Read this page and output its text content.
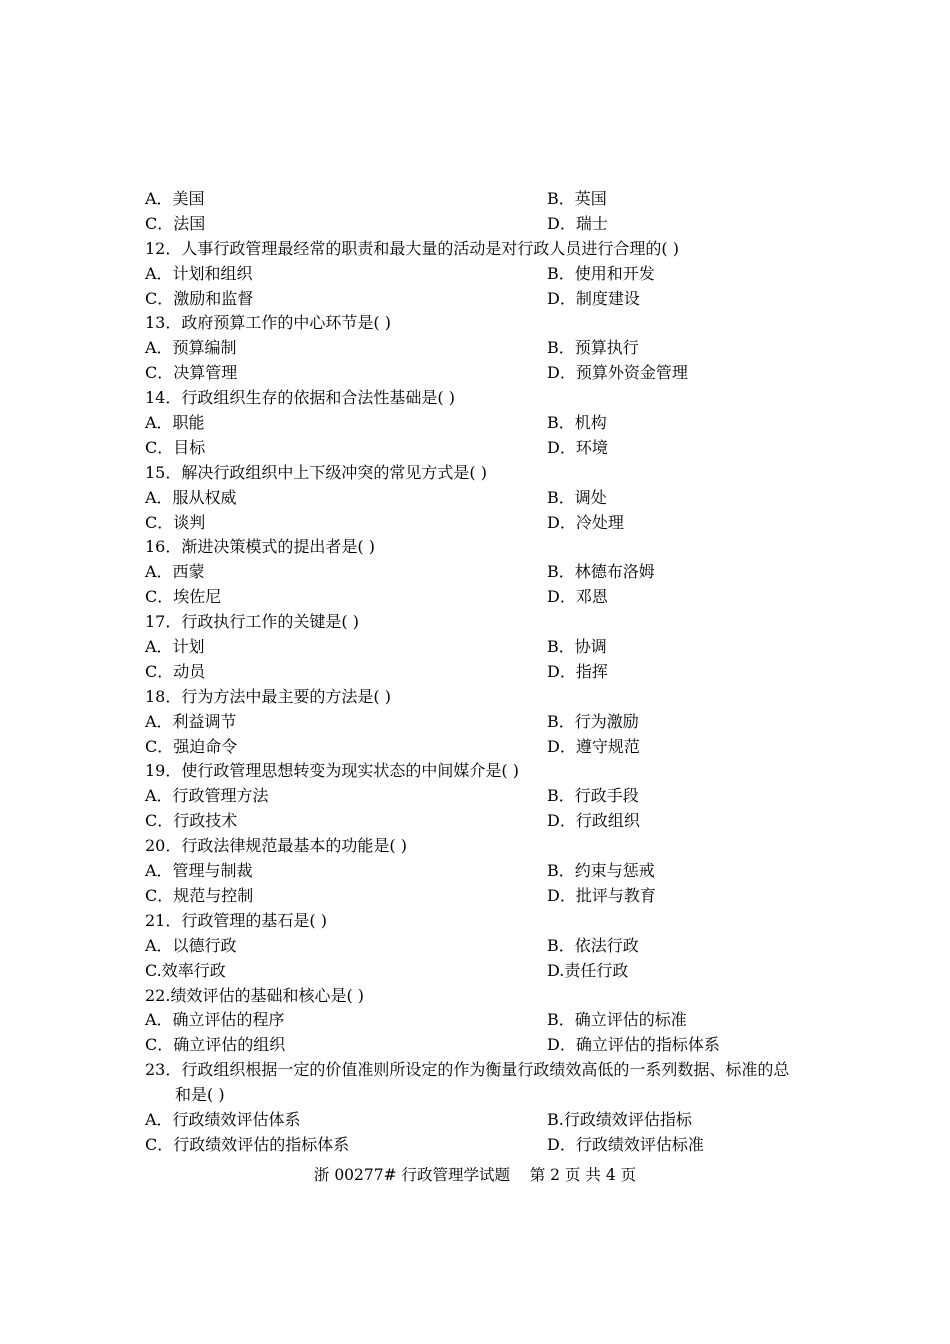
A．美国	B．英国
C．法国	D．瑞士
12．人事行政管理最经常的职责和最大量的活动是对行政人员进行合理的( )
A．计划和组织	B．使用和开发
C．激励和监督	D．制度建设
13．政府预算工作的中心环节是( )
A．预算编制	B．预算执行
C．决算管理	D．预算外资金管理
14．行政组织生存的依据和合法性基础是( )
A．职能	B．机构
C．目标	D．环境
15．解决行政组织中上下级冲突的常见方式是( )
A．服从权威	B．调处
C．谈判	D．冷处理
16．渐进决策模式的提出者是( )
A．西蒙	B．林德布洛姆
C．埃佐尼	D．邓恩
17．行政执行工作的关键是( )
A．计划	B．协调
C．动员	D．指挥
18．行为方法中最主要的方法是( )
A．利益调节	B．行为激励
C．强迫命令	D．遵守规范
19．使行政管理思想转变为现实状态的中间媒介是( )
A．行政管理方法	B．行政手段
C．行政技术	D．行政组织
20．行政法律规范最基本的功能是( )
A．管理与制裁	B．约束与惩戒
C．规范与控制	D．批评与教育
21．行政管理的基石是( )
A．以德行政	B．依法行政
C.效率行政	D.责任行政
22.绩效评估的基础和核心是( )
A．确立评估的程序	B．确立评估的标准
C．确立评估的组织	D．确立评估的指标体系
23．行政组织根据一定的价值准则所设定的作为衡量行政绩效高低的一系列数据、标准的总
和是( )
A．行政绩效评估体系	B.行政绩效评估指标
C．行政绩效评估的指标体系	D．行政绩效评估标准
浙 00277# 行政管理学试题    第 2 页 共 4 页
